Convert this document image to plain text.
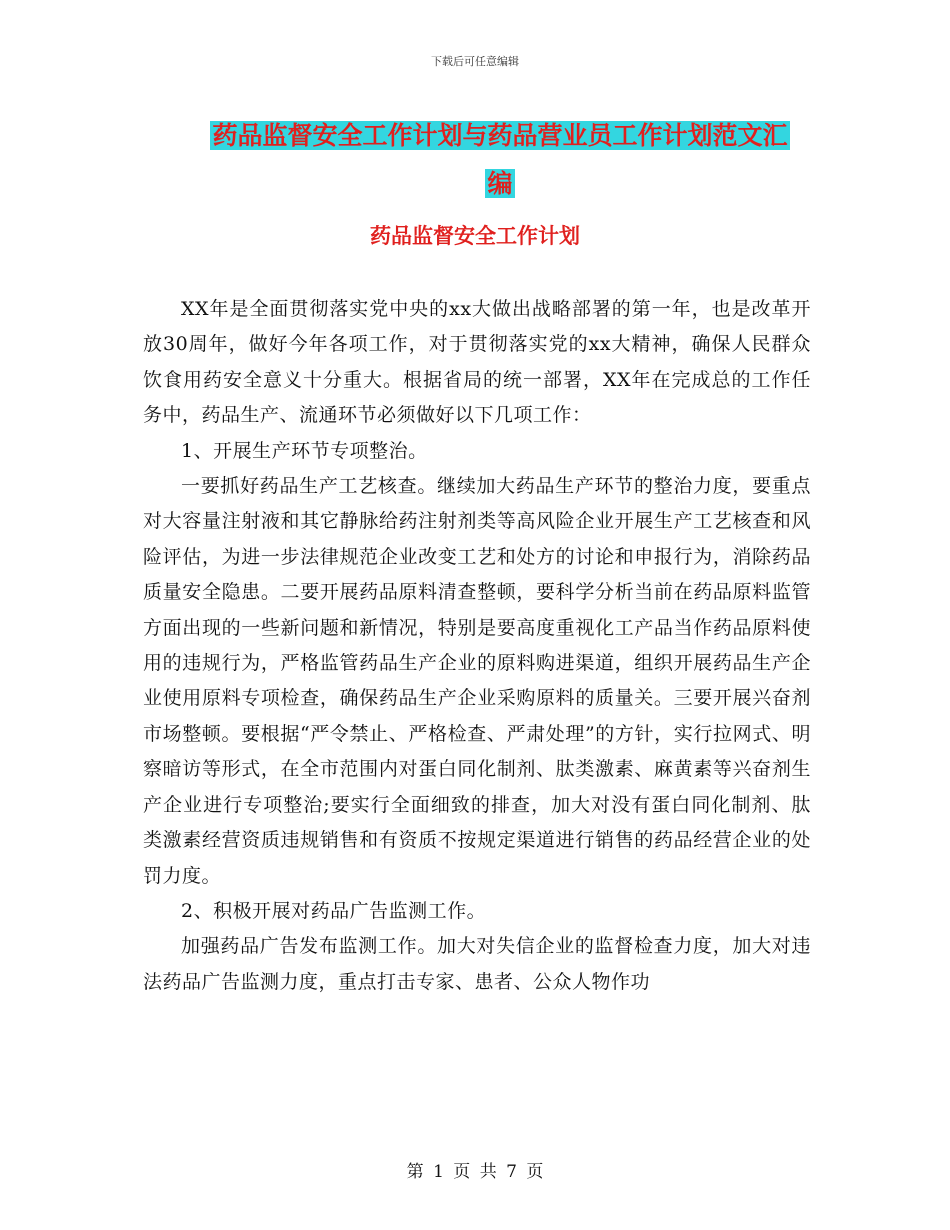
下载后可任意编辑
药品监督安全工作计划与药品营业员工作计划范文汇
编
药品监督安全工作计划

XX年是全面贯彻落实党中央的xx大做出战略部署的第一年，也是改革开放30周年，做好今年各项工作，对于贯彻落实党的xx大精神，确保人民群众饮食用药安全意义十分重大。根据省局的统一部署，XX年在完成总的工作任务中，药品生产、流通环节必须做好以下几项工作：

1、开展生产环节专项整治。

一要抓好药品生产工艺核查。继续加大药品生产环节的整治力度，要重点对大容量注射液和其它静脉给药注射剂类等高风险企业开展生产工艺核查和风险评估，为进一步法律规范企业改变工艺和处方的讨论和申报行为，消除药品质量安全隐患。二要开展药品原料清查整顿，要科学分析当前在药品原料监管方面出现的一些新问题和新情况，特别是要高度重视化工产品当作药品原料使用的违规行为，严格监管药品生产企业的原料购进渠道，组织开展药品生产企业使用原料专项检查，确保药品生产企业采购原料的质量关。三要开展兴奋剂市场整顿。要根据“严令禁止、严格检查、严肃处理”的方针，实行拉网式、明察暗访等形式，在全市范围内对蛋白同化制剂、肽类激素、麻黄素等兴奋剂生产企业进行专项整治;要实行全面细致的排查，加大对没有蛋白同化制剂、肽类激素经营资质违规销售和有资质不按规定渠道进行销售的药品经营企业的处罚力度。

2、积极开展对药品广告监测工作。

加强药品广告发布监测工作。加大对失信企业的监督检查力度，加大对违法药品广告监测力度，重点打击专家、患者、公众人物作功

第 1 页 共 7 页
